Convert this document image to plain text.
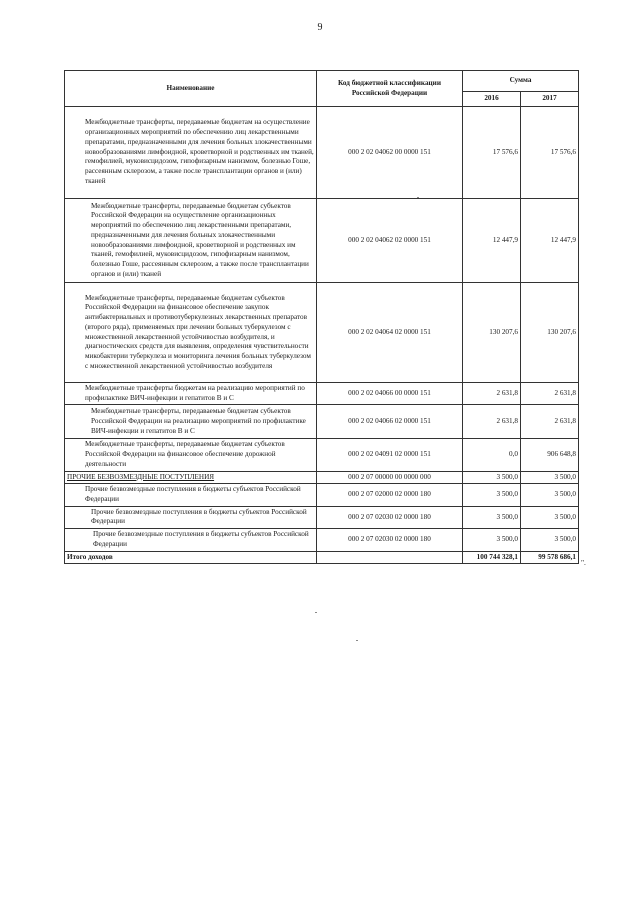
9
Наименование	Код бюджетной классификации Российской Федерации	Сумма	
		2016	2017
Межбюджетные трансферты, передаваемые бюджетам на осуществление организационных мероприятий по обеспечению лиц лекарственными препаратами, предназначенными для лечения больных злокачественными новообразованиями лимфоидной, кроветворной и родственных им тканей, гемофилией, муковисцидозом, гипофизарным нанизмом, болезнью Гоше, рассеянным склерозом, а также после трансплантации органов и (или) тканей	000 2 02 04062 00 0000 151	17 576,6	17 576,6
Межбюджетные трансферты, передаваемые бюджетам субъектов Российской Федерации на осуществление организационных мероприятий по обеспечению лиц лекарственными препаратами, предназначенными для лечения больных злокачественными новообразованиями лимфоидной, кроветворной и родственных им тканей, гемофилией, муковисцидозом, гипофизарным нанизмом, болезнью Гоше, рассеянным склерозом, а также после трансплантации органов и (или) тканей	000 2 02 04062 02 0000 151	12 447,9	12 447,9
Межбюджетные трансферты, передаваемые бюджетам субъектов Российской Федерации на финансовое обеспечение закупок антибактериальных и противотуберкулезных лекарственных препаратов (второго ряда), применяемых при лечении больных туберкулезом с множественной лекарственной устойчивостью возбудителя, и диагностических средств для выявления, определения чувствительности микобактерии туберкулеза и мониторинга лечения больных туберкулезом с множественной лекарственной устойчивостью возбудителя	000 2 02 04064 02 0000 151	130 207,6	130 207,6
Межбюджетные трансферты бюджетам на реализацию мероприятий по профилактике ВИЧ-инфекции и гепатитов В и С	000 2 02 04066 00 0000 151	2 631,8	2 631,8
Межбюджетные трансферты, передаваемые бюджетам субъектов Российской Федерации на реализацию мероприятий по профилактике ВИЧ-инфекции и гепатитов В и С	000 2 02 04066 02 0000 151	2 631,8	2 631,8
Межбюджетные трансферты, передаваемые бюджетам субъектов Российской Федерации на финансовое обеспечение дорожной деятельности	000 2 02 04091 02 0000 151	0,0	906 648,8
ПРОЧИЕ БЕЗВОЗМЕЗДНЫЕ ПОСТУПЛЕНИЯ	000 2 07 00000 00 0000 000	3 500,0	3 500,0
Прочие безвозмездные поступления в бюджеты субъектов Российской Федерации	000 2 07 02000 02 0000 180	3 500,0	3 500,0
Прочие безвозмездные поступления в бюджеты субъектов Российской Федерации	000 2 07 02030 02 0000 180	3 500,0	3 500,0
Прочие безвозмездные поступления в бюджеты субъектов Российской Федерации	000 2 07 02030 02 0000 180	3 500,0	3 500,0
Итого доходов		100 744 328,1	99 578 686,1
".
